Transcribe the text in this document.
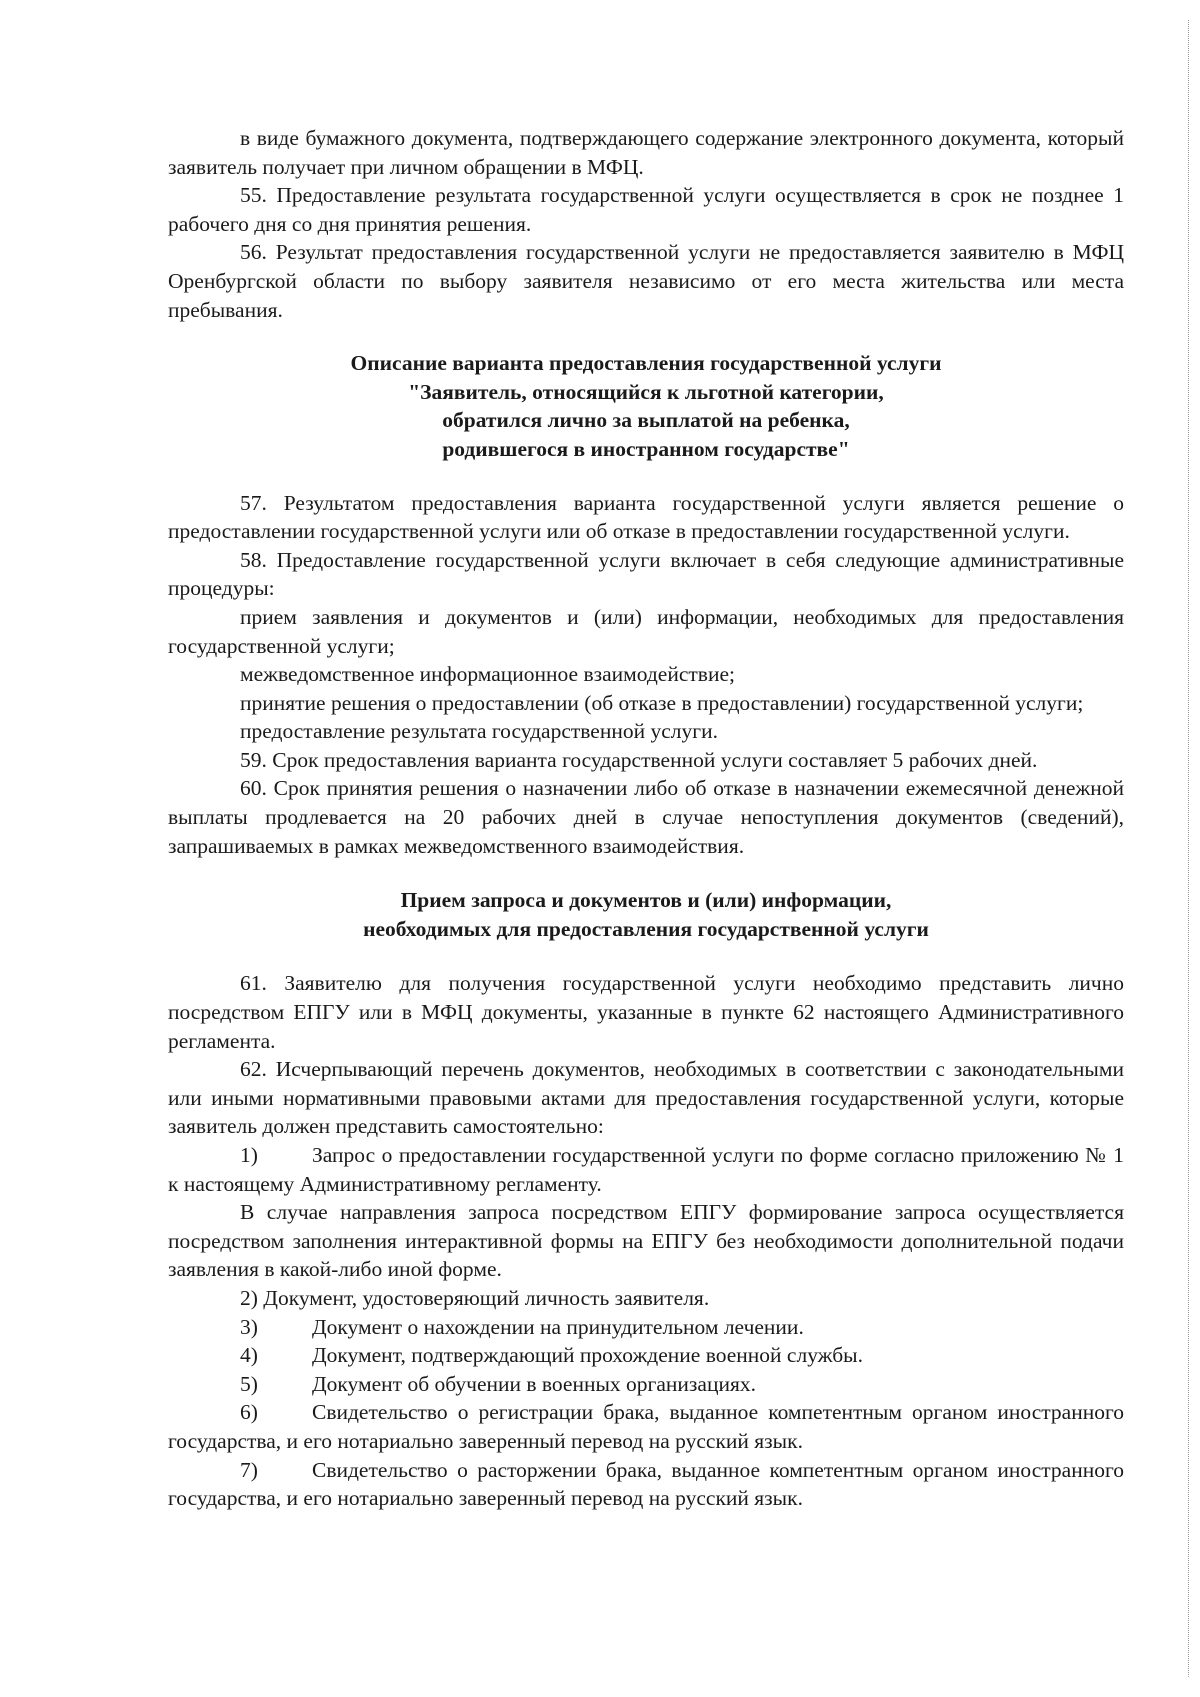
в виде бумажного документа, подтверждающего содержание электронного документа, который заявитель получает при личном обращении в МФЦ.

55. Предоставление результата государственной услуги осуществляется в срок не позднее 1 рабочего дня со дня принятия решения.

56. Результат предоставления государственной услуги не предоставляется заявителю в МФЦ Оренбургской области по выбору заявителя независимо от его места жительства или места пребывания.

Описание варианта предоставления государственной услуги

"Заявитель, относящийся к льготной категории,

обратился лично за выплатой на ребенка,

родившегося в иностранном государстве"

57. Результатом предоставления варианта государственной услуги является решение о предоставлении государственной услуги или об отказе в предоставлении государственной услуги.

58. Предоставление государственной услуги включает в себя следующие административные процедуры:

прием заявления и документов и (или) информации, необходимых для предоставления государственной услуги;

межведомственное информационное взаимодействие;

принятие решения о предоставлении (об отказе в предоставлении) государственной услуги;

предоставление результата государственной услуги.

59. Срок предоставления варианта государственной услуги составляет 5 рабочих дней.

60. Срок принятия решения о назначении либо об отказе в назначении ежемесячной денежной выплаты продлевается на 20 рабочих дней в случае непоступления документов (сведений), запрашиваемых в рамках межведомственного взаимодействия.

Прием запроса и документов и (или) информации,

необходимых для предоставления государственной услуги

61. Заявителю для получения государственной услуги необходимо представить лично посредством ЕПГУ или в МФЦ документы, указанные в пункте 62 настоящего Административного регламента.

62. Исчерпывающий перечень документов, необходимых в соответствии с законодательными или иными нормативными правовыми актами для предоставления государственной услуги, которые заявитель должен представить самостоятельно:

1)	Запрос о предоставлении государственной услуги по форме согласно приложению № 1 к настоящему Административному регламенту.

В случае направления запроса посредством ЕПГУ формирование запроса осуществляется посредством заполнения интерактивной формы на ЕПГУ без необходимости дополнительной подачи заявления в какой-либо иной форме.

2) Документ, удостоверяющий личность заявителя.

3)	Документ о нахождении на принудительном лечении.

4)	Документ, подтверждающий прохождение военной службы.

5)	Документ об обучении в военных организациях.

6)	Свидетельство о регистрации брака, выданное компетентным органом иностранного государства, и его нотариально заверенный перевод на русский язык.

7)	Свидетельство о расторжении брака, выданное компетентным органом иностранного государства, и его нотариально заверенный перевод на русский язык.
